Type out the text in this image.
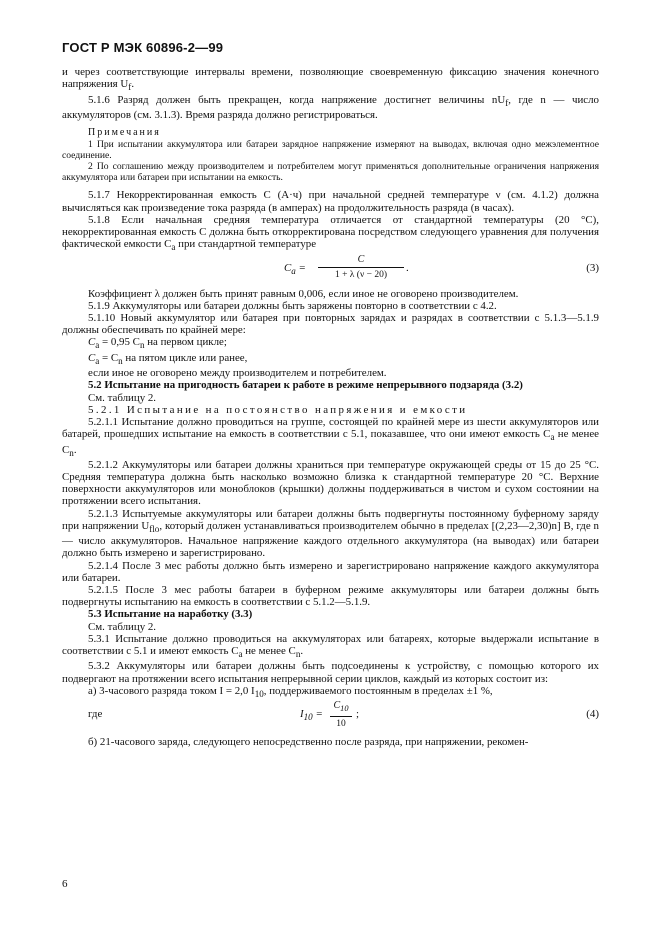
ГОСТ Р МЭК 60896-2—99

и через соответствующие интервалы времени, позволяющие своевременную фиксацию значения конечного напряжения $U_f$.

5.1.6 Разряд должен быть прекращен, когда напряжение достигнет величины $nU_f$, где n — число аккумуляторов (см. 3.1.3). Время разряда должно регистрироваться.

Примечания

1 При испытании аккумулятора или батареи зарядное напряжение измеряют на выводах, включая одно межэлементное соединение.

2 По соглашению между производителем и потребителем могут применяться дополнительные ограничения напряжения аккумулятора или батареи при испытании на емкость.

5.1.7 Некорректированная емкость C (А·ч) при начальной средней температуре ν (см. 4.1.2) должна вычисляться как произведение тока разряда (в амперах) на продолжительность разряда (в часах).

5.1.8 Если начальная средняя температура отличается от стандартной температуры (20 °C), некорректированная емкость C должна быть откорректирована посредством следующего уравнения для получения фактической емкости $C_a$ при стандартной температуре

$C_a = \frac{C}{1 + \lambda (\nu - 20)}$ .	(3)

Коэффициент λ должен быть принят равным 0,006, если иное не оговорено производителем.

5.1.9 Аккумуляторы или батареи должны быть заряжены повторно в соответствии с 4.2.

5.1.10 Новый аккумулятор или батарея при повторных зарядах и разрядах в соответствии с 5.1.3—5.1.9 должны обеспечивать по крайней мере:

$C_a = 0,95$ $C_n$ на первом цикле;

$C_a = C_n$ на пятом цикле или ранее,

если иное не оговорено между производителем и потребителем.

5.2 Испытание на пригодность батареи к работе в режиме непрерывного подзаряда (3.2)

См. таблицу 2.

5.2.1 Испытание на постоянство напряжения и емкости

5.2.1.1 Испытание должно проводиться на группе, состоящей по крайней мере из шести аккумуляторов или батарей, прошедших испытание на емкость в соответствии с 5.1, показавшее, что они имеют емкость $C_a$ не менее $C_n$.

5.2.1.2 Аккумуляторы или батареи должны храниться при температуре окружающей среды от 15 до 25 °C. Средняя температура должна быть насколько возможно близка к стандартной температуре 20 °C. Верхние поверхности аккумуляторов или моноблоков (крышки) должны поддерживаться в чистом и сухом состоянии на протяжении всего испытания.

5.2.1.3 Испытуемые аккумуляторы или батареи должны быть подвергнуты постоянному буферному заряду при напряжении $U_{flo}$, который должен устанавливаться производителем обычно в пределах [(2,23—2,30)n] В, где n — число аккумуляторов. Начальное напряжение каждого отдельного аккумулятора (на выводах) или батареи должно быть измерено и зарегистрировано.

5.2.1.4 После 3 мес работы должно быть измерено и зарегистрировано напряжение каждого аккумулятора или батареи.

5.2.1.5 После 3 мес работы батареи в буферном режиме аккумуляторы или батареи должны быть подвергнуты испытанию на емкость в соответствии с 5.1.2—5.1.9.

5.3 Испытание на наработку (3.3)

См. таблицу 2.

5.3.1 Испытание должно проводиться на аккумуляторах или батареях, которые выдержали испытание в соответствии с 5.1 и имеют емкость $C_a$ не менее $C_n$.

5.3.2 Аккумуляторы или батареи должны быть подсоединены к устройству, с помощью которого их подвергают на протяжении всего испытания непрерывной серии циклов, каждый из которых состоит из:

а) 3-часового разряда током I = 2,0 $I_{10}$, поддерживаемого постоянным в пределах ±1 %,

где	$I_{10} = \frac{C_{10}}{10}$ ;	(4)

б) 21-часового заряда, следующего непосредственно после разряда, при напряжении, рекомен-

6
